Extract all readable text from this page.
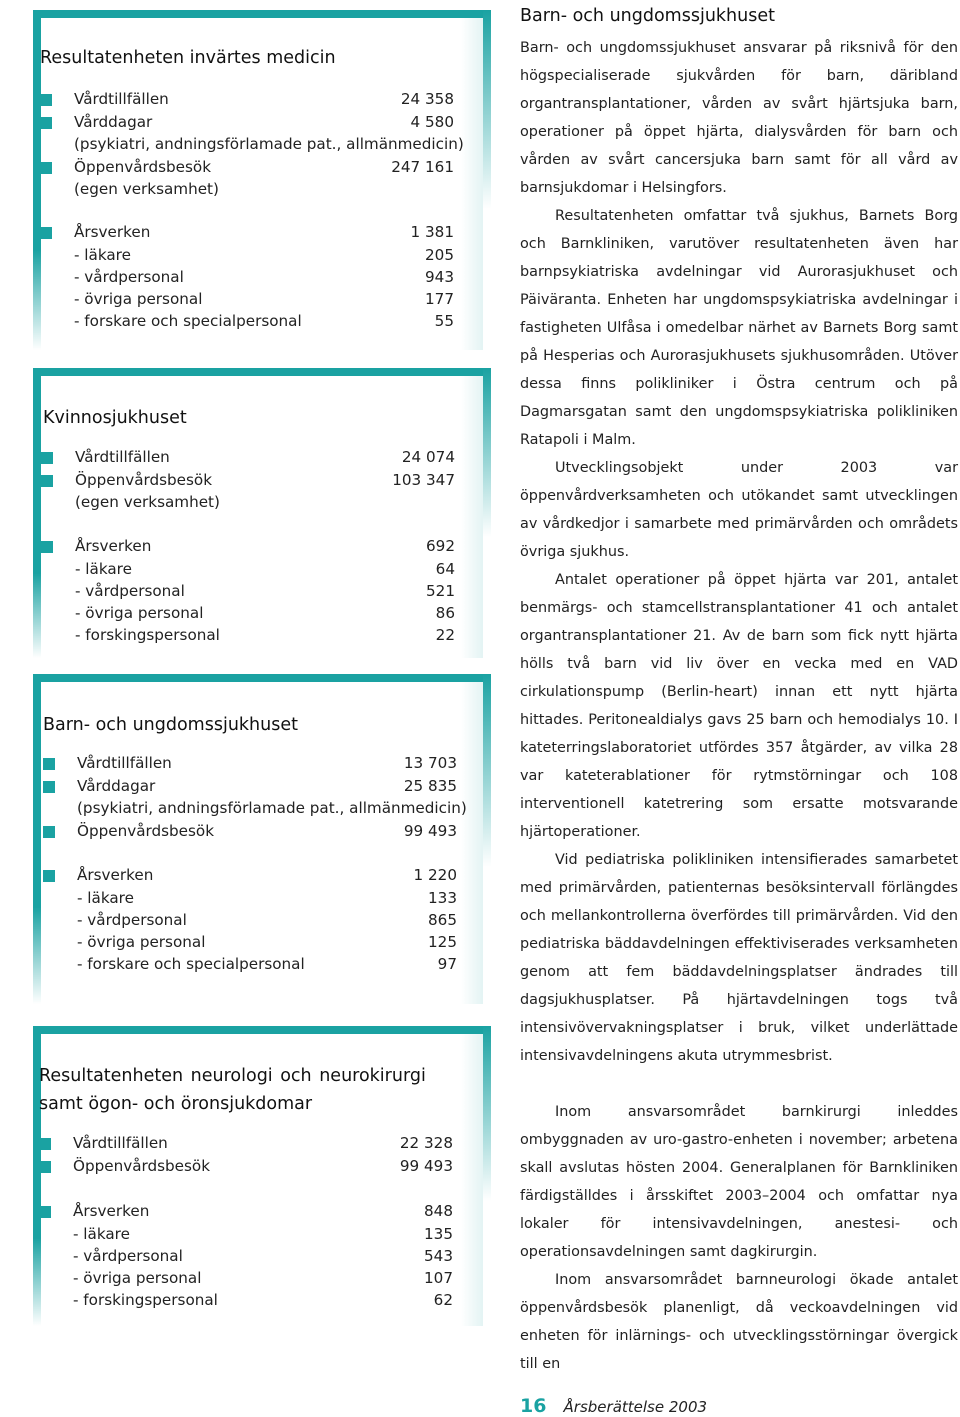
Resultatenheten invärtes medicin
Vårdtillfällen	24 358
Vårddagar	4 580
(psykiatri, andningsförlamade pat., allmänmedicin)
Öppenvårdsbesök	247 161
(egen verksamhet)
Årsverken	1 381
- läkare	205
- vårdpersonal	943
- övriga personal	177
- forskare och specialpersonal	55
Kvinnosjukhuset
Vårdtillfällen	24 074
Öppenvårdsbesök	103 347
(egen verksamhet)
Årsverken	692
- läkare	64
- vårdpersonal	521
- övriga personal	86
- forskingspersonal	22
Barn- och ungdomssjukhuset
Vårdtillfällen	13 703
Vårddagar	25 835
(psykiatri, andningsförlamade pat., allmänmedicin)
Öppenvårdsbesök	99 493
Årsverken	1 220
- läkare	133
- vårdpersonal	865
- övriga personal	125
- forskare och specialpersonal	97
Resultatenheten neurologi och neurokirurgi
samt ögon- och öronsjukdomar
Vårdtillfällen	22 328
Öppenvårdsbesök	99 493
Årsverken	848
- läkare	135
- vårdpersonal	543
- övriga personal	107
- forskingspersonal	62
Barn- och ungdomssjukhuset

Barn- och ungdomssjukhuset ansvarar på riksnivå för den högspecialiserade sjukvården för barn, däribland organtransplantationer, vården av svårt hjärtsjuka barn, operationer på öppet hjärta, dialysvården för barn och vården av svårt cancersjuka barn samt för all vård av barnsjukdomar i Helsingfors.

Resultatenheten omfattar två sjukhus, Barnets Borg och Barnkliniken, varutöver resultatenheten även har barnpsykiatriska avdelningar vid Aurorasjukhuset och Päiväranta. Enheten har ungdomspsykiatriska avdelningar i fastigheten Ulfåsa i omedelbar närhet av Barnets Borg samt på Hesperias och Aurorasjukhusets sjukhusområden. Utöver dessa finns polikliniker i Östra centrum och på Dagmarsgatan samt den ungdomspsykiatriska polikliniken Ratapoli i Malm.

Utvecklingsobjekt under 2003 var öppenvårdverksamheten och utökandet samt utvecklingen av vårdkedjor i samarbete med primärvården och områdets övriga sjukhus.

Antalet operationer på öppet hjärta var 201, antalet benmärgs- och stamcellstransplantationer 41 och antalet organtransplantationer 21. Av de barn som fick nytt hjärta hölls två barn vid liv över en vecka med en VAD cirkulationspump (Berlin-heart) innan ett nytt hjärta hittades. Peritonealdialys gavs 25 barn och hemodialys 10. I kateterringslaboratoriet utfördes 357 åtgärder, av vilka 28 var kateterablationer för rytmstörningar och 108 interventionell katetrering som ersatte motsvarande hjärtoperationer.

Vid pediatriska polikliniken intensifierades samarbetet med primärvården, patienternas besöksintervall förlängdes och mellankontrollerna överfördes till primärvården. Vid den pediatriska bäddavdelningen effektiviserades verksamheten genom att fem bäddavdelningsplatser ändrades till dagsjukhusplatser. På hjärtavdelningen togs två intensivövervakningsplatser i bruk, vilket underlättade intensivavdelningens akuta utrymmesbrist.

Inom ansvarsområdet barnkirurgi inleddes ombyggnaden av uro-gastro-enheten i november; arbetena skall avslutas hösten 2004. Generalplanen för Barnkliniken färdigställdes i årsskiftet 2003–2004 och omfattar nya lokaler för intensivavdelningen, anestesi- och operationsavdelningen samt dagkirurgin.

Inom ansvarsområdet barnneurologi ökade antalet öppenvårdsbesök planenligt, då veckoavdelningen vid enheten för inlärnings- och utvecklingsstörningar övergick till en

16 Årsberättelse 2003
